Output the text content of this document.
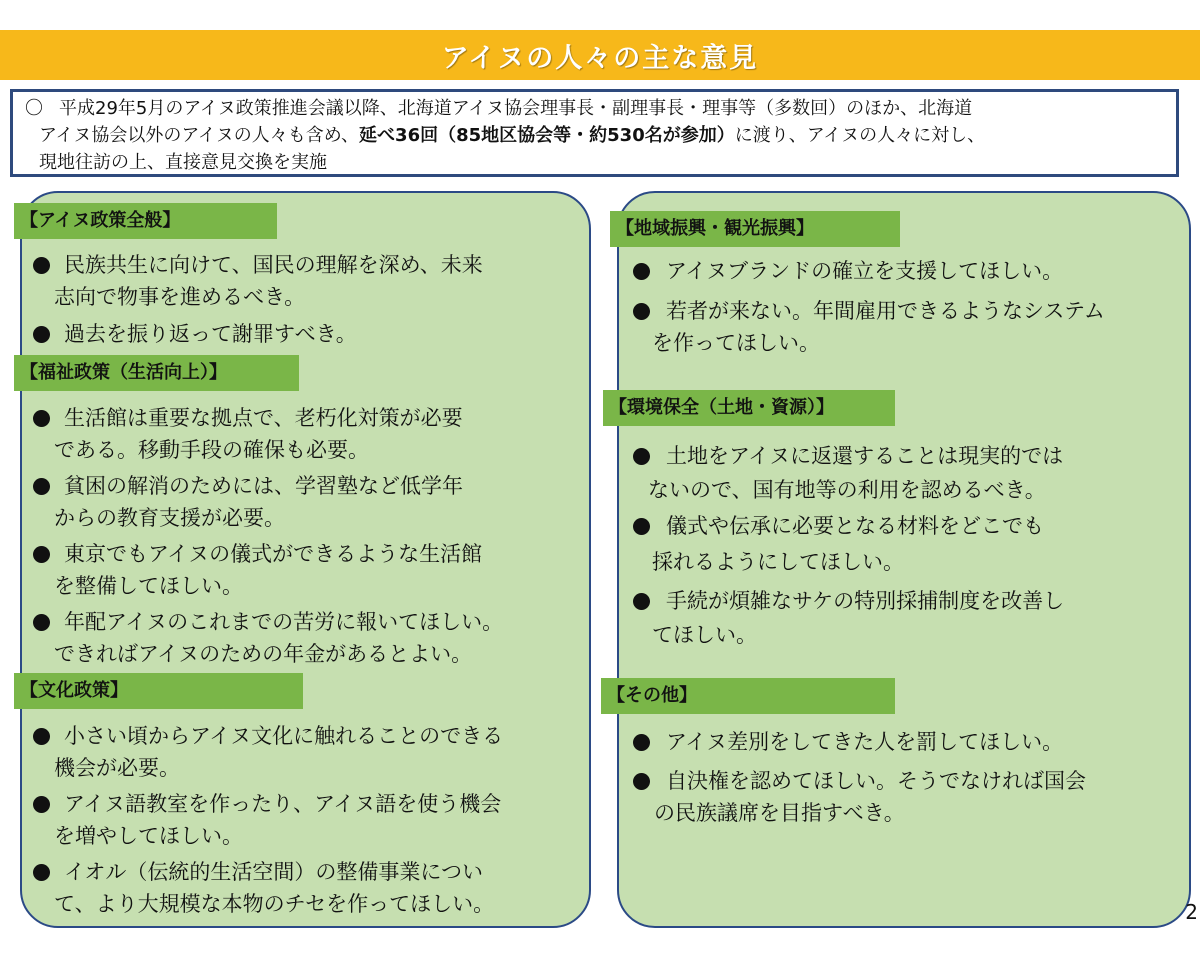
アイヌの人々の主な意見
〇 平成29年5月のアイヌ政策推進会議以降、北海道アイヌ協会理事長・副理事長・理事等（多数回）のほか、北海道
アイヌ協会以外のアイヌの人々も含め、延べ36回（85地区協会等・約530名が参加）に渡り、アイヌの人々に対し、
現地往訪の上、直接意見交換を実施
【アイヌ政策全般】
民族共生に向けて、国民の理解を深め、未来
志向で物事を進めるべき。
過去を振り返って謝罪すべき。
【福祉政策（生活向上）】
生活館は重要な拠点で、老朽化対策が必要
である。移動手段の確保も必要。
貧困の解消のためには、学習塾など低学年
からの教育支援が必要。
東京でもアイヌの儀式ができるような生活館
を整備してほしい。
年配アイヌのこれまでの苦労に報いてほしい。
できればアイヌのための年金があるとよい。
【文化政策】
小さい頃からアイヌ文化に触れることのできる
機会が必要。
アイヌ語教室を作ったり、アイヌ語を使う機会
を増やしてほしい。
イオル（伝統的生活空間）の整備事業につい
て、より大規模な本物のチセを作ってほしい。
【地域振興・観光振興】
アイヌブランドの確立を支援してほしい。
若者が来ない。年間雇用できるようなシステム
を作ってほしい。
【環境保全（土地・資源）】
土地をアイヌに返還することは現実的では
ないので、国有地等の利用を認めるべき。
儀式や伝承に必要となる材料をどこでも
採れるようにしてほしい。
手続が煩雑なサケの特別採捕制度を改善し
てほしい。
【その他】
アイヌ差別をしてきた人を罰してほしい。
自決権を認めてほしい。そうでなければ国会
の民族議席を目指すべき。
2
